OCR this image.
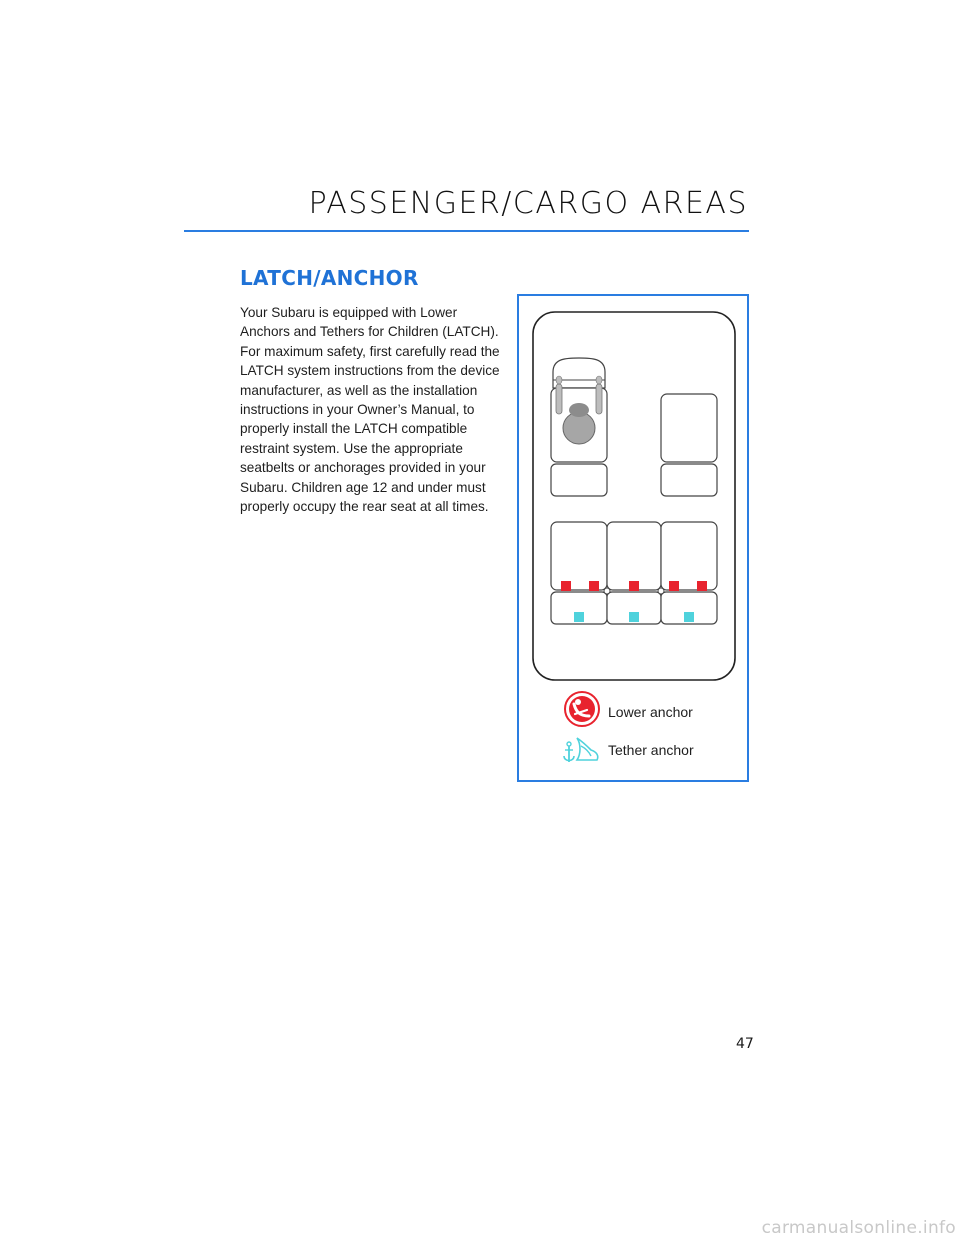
PASSENGER/CARGO AREAS
LATCH/ANCHOR
Your Subaru is equipped with Lower Anchors and Tethers for Children (LATCH). For maximum safety, first carefully read the LATCH system instructions from the device manufacturer, as well as the installation instructions in your Owner’s Manual, to properly install the LATCH compatible restraint system. Use the appropriate seatbelts or anchorages provided in your Subaru. Children age 12 and under must properly occupy the rear seat at all times.
Lower anchor
Tether anchor
47
carmanualsonline.info
